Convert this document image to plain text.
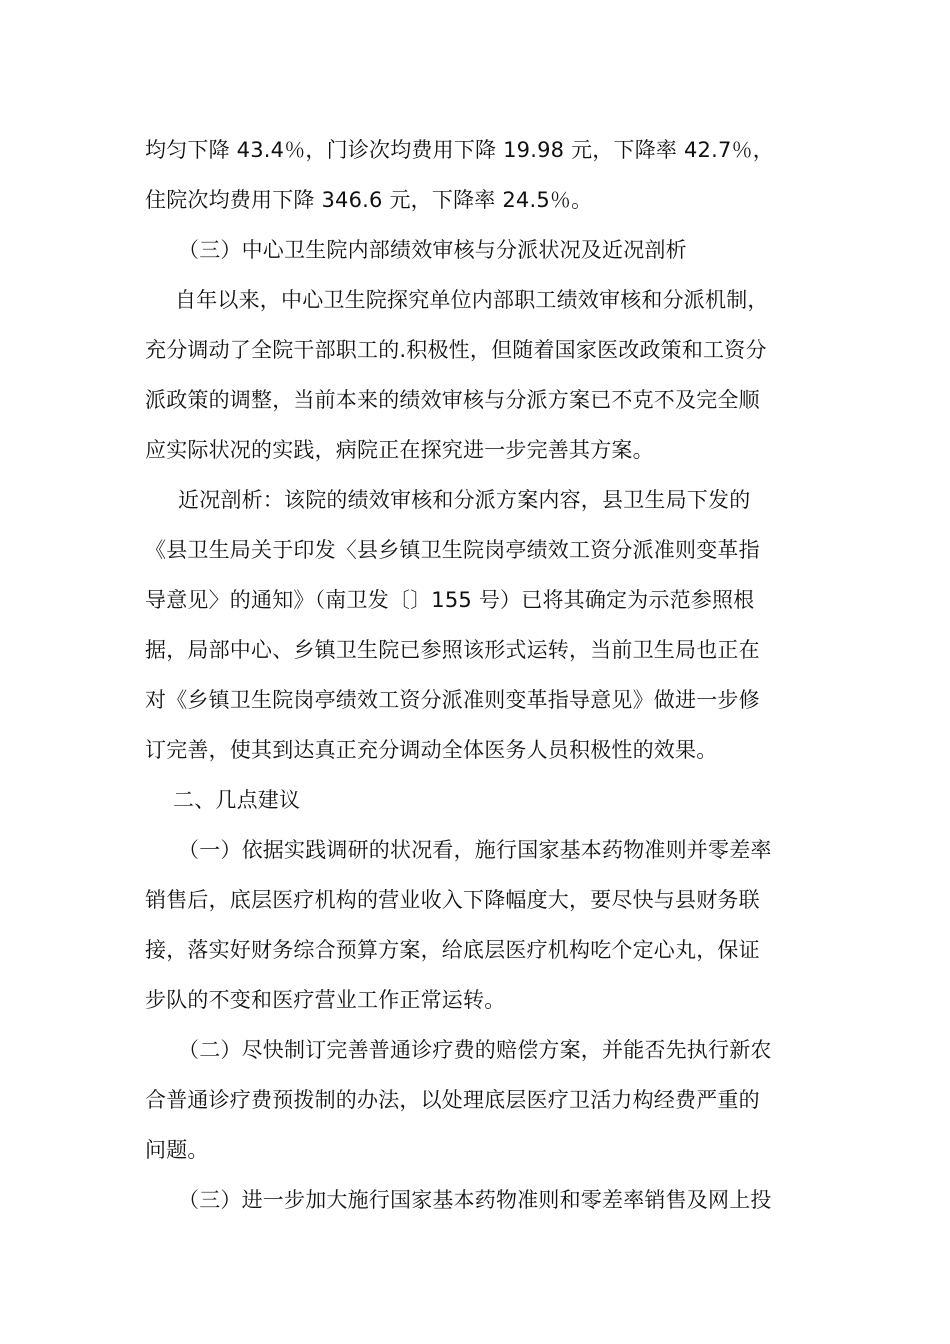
均匀下降 43.4％，门诊次均费用下降 19.98 元，下降率 42.7％，
住院次均费用下降 346.6 元，下降率 24.5％。
（三）中心卫生院内部绩效审核与分派状况及近况剖析
自年以来，中心卫生院探究单位内部职工绩效审核和分派机制，
充分调动了全院干部职工的.积极性，但随着国家医改政策和工资分
派政策的调整，当前本来的绩效审核与分派方案已不克不及完全顺
应实际状况的实践，病院正在探究进一步完善其方案。
近况剖析：该院的绩效审核和分派方案内容，县卫生局下发的
《县卫生局关于印发〈县乡镇卫生院岗亭绩效工资分派准则变革指
导意见〉的通知》（南卫发〔〕155 号）已将其确定为示范参照根
据，局部中心、乡镇卫生院已参照该形式运转，当前卫生局也正在
对《乡镇卫生院岗亭绩效工资分派准则变革指导意见》做进一步修
订完善，使其到达真正充分调动全体医务人员积极性的效果。
二、几点建议
（一）依据实践调研的状况看，施行国家基本药物准则并零差率
销售后，底层医疗机构的营业收入下降幅度大，要尽快与县财务联
接，落实好财务综合预算方案，给底层医疗机构吃个定心丸，保证
步队的不变和医疗营业工作正常运转。
（二）尽快制订完善普通诊疗费的赔偿方案，并能否先执行新农
合普通诊疗费预拨制的办法，以处理底层医疗卫活力构经费严重的
问题。
（三）进一步加大施行国家基本药物准则和零差率销售及网上投
